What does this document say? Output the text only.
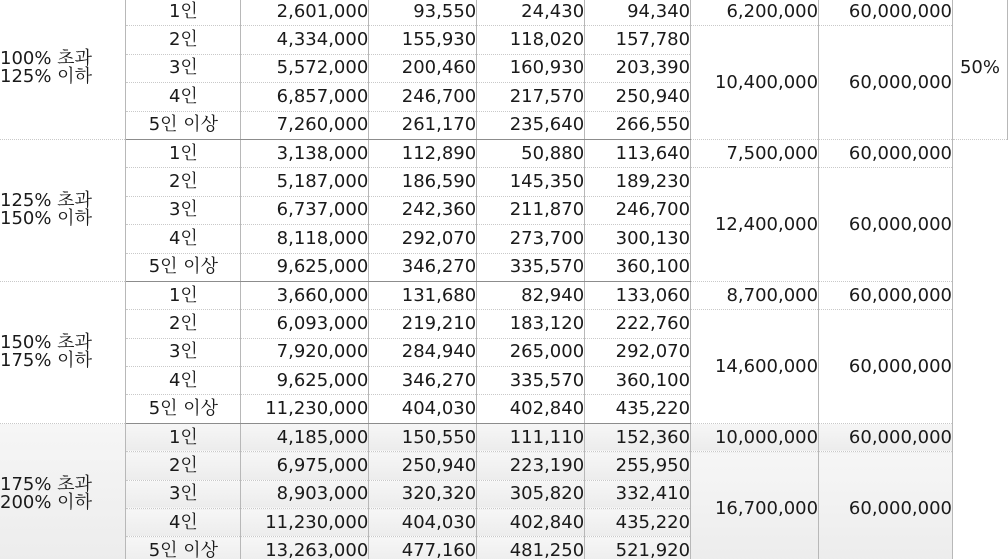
100% 초과
125% 이하	1인	2,601,000	93,550	24,430	94,340	6,200,000	60,000,000	50%
	2인	4,334,000	155,930	118,020	157,780	10,400,000	60,000,000	
	3인	5,572,000	200,460	160,930	203,390			
	4인	6,857,000	246,700	217,570	250,940			
	5인 이상	7,260,000	261,170	235,640	266,550			
125% 초과
150% 이하	1인	3,138,000	112,890	50,880	113,640	7,500,000	60,000,000	
	2인	5,187,000	186,590	145,350	189,230	12,400,000	60,000,000	
	3인	6,737,000	242,360	211,870	246,700			
	4인	8,118,000	292,070	273,700	300,130			
	5인 이상	9,625,000	346,270	335,570	360,100			
150% 초과
175% 이하	1인	3,660,000	131,680	82,940	133,060	8,700,000	60,000,000	
	2인	6,093,000	219,210	183,120	222,760	14,600,000	60,000,000	
	3인	7,920,000	284,940	265,000	292,070			
	4인	9,625,000	346,270	335,570	360,100			
	5인 이상	11,230,000	404,030	402,840	435,220			
175% 초과
200% 이하	1인	4,185,000	150,550	111,110	152,360	10,000,000	60,000,000	
	2인	6,975,000	250,940	223,190	255,950	16,700,000	60,000,000	
	3인	8,903,000	320,320	305,820	332,410			
	4인	11,230,000	404,030	402,840	435,220			
	5인 이상	13,263,000	477,160	481,250	521,920			
